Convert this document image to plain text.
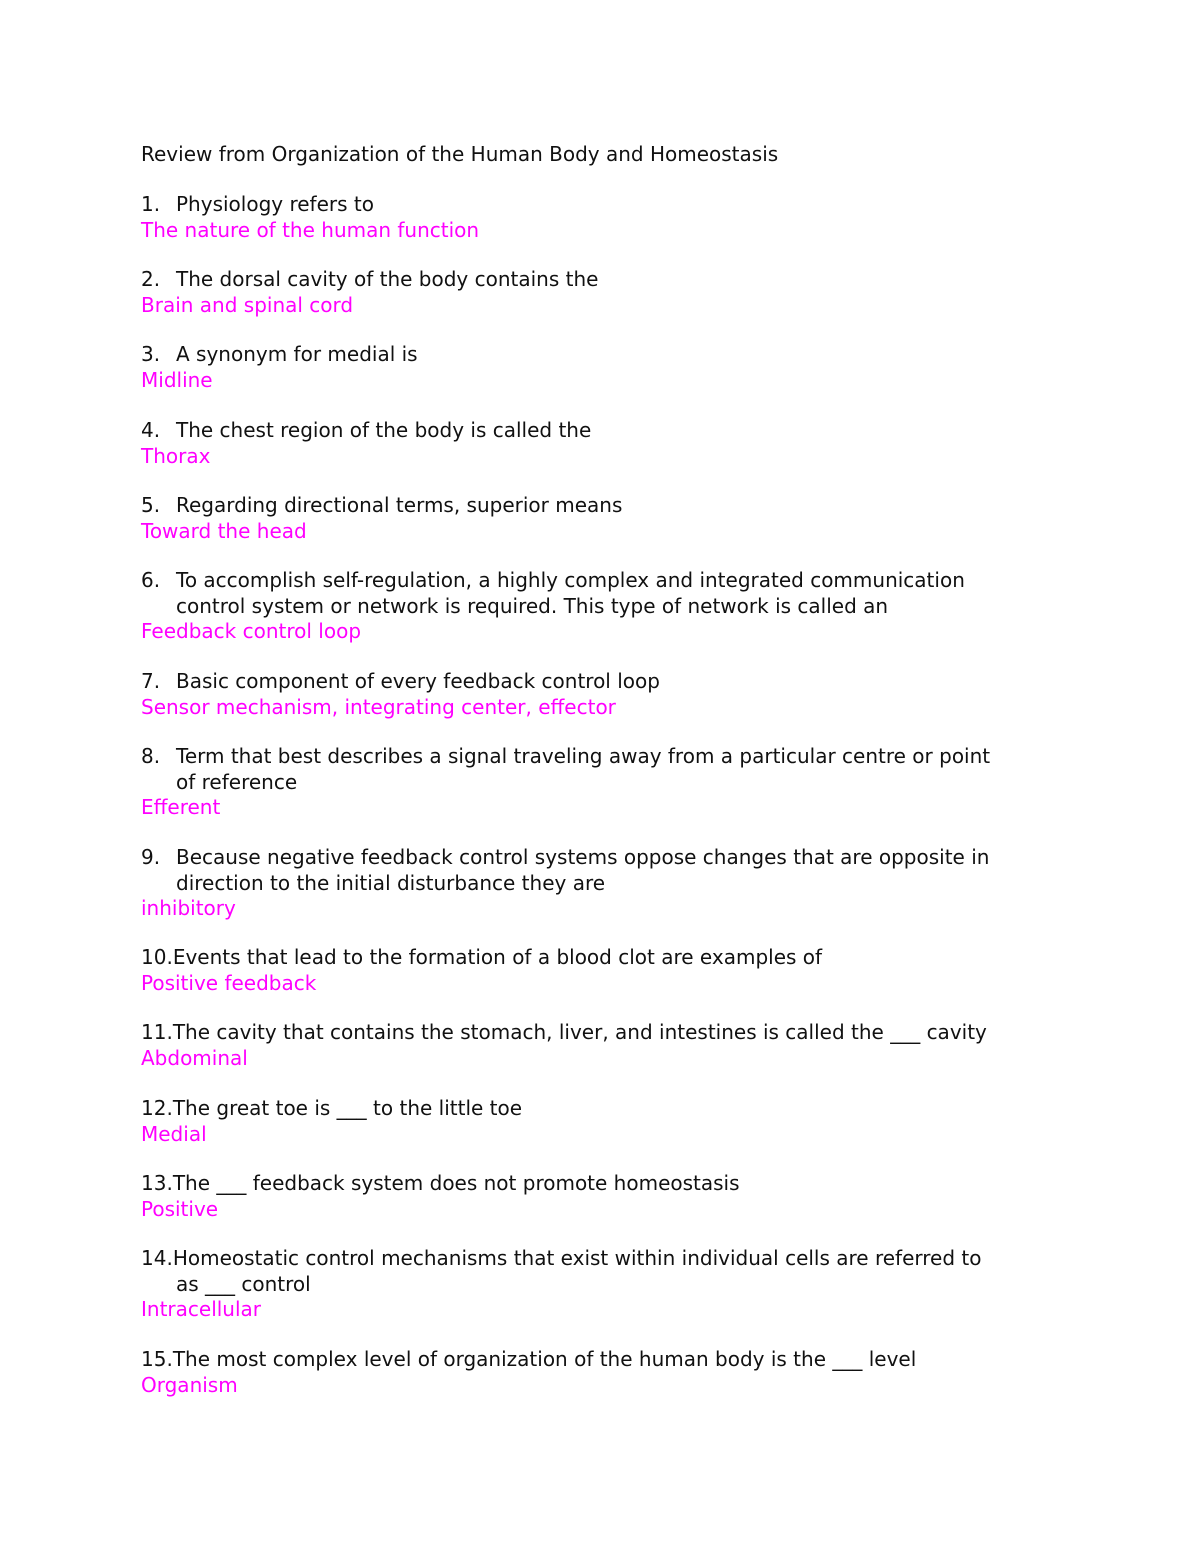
Review from Organization of the Human Body and Homeostasis
1. Physiology refers to
The nature of the human function
2. The dorsal cavity of the body contains the
Brain and spinal cord
3. A synonym for medial is
Midline
4. The chest region of the body is called the
Thorax
5. Regarding directional terms, superior means
Toward the head
6. To accomplish self-regulation, a highly complex and integrated communication
control system or network is required. This type of network is called an
Feedback control loop
7. Basic component of every feedback control loop
Sensor mechanism, integrating center, effector
8. Term that best describes a signal traveling away from a particular centre or point
of reference
Efferent
9. Because negative feedback control systems oppose changes that are opposite in
direction to the initial disturbance they are
inhibitory
10. Events that lead to the formation of a blood clot are examples of
Positive feedback
11. The cavity that contains the stomach, liver, and intestines is called the ___ cavity
Abdominal
12. The great toe is ___ to the little toe
Medial
13. The ___ feedback system does not promote homeostasis
Positive
14. Homeostatic control mechanisms that exist within individual cells are referred to
as ___ control
Intracellular
15. The most complex level of organization of the human body is the ___ level
Organism
